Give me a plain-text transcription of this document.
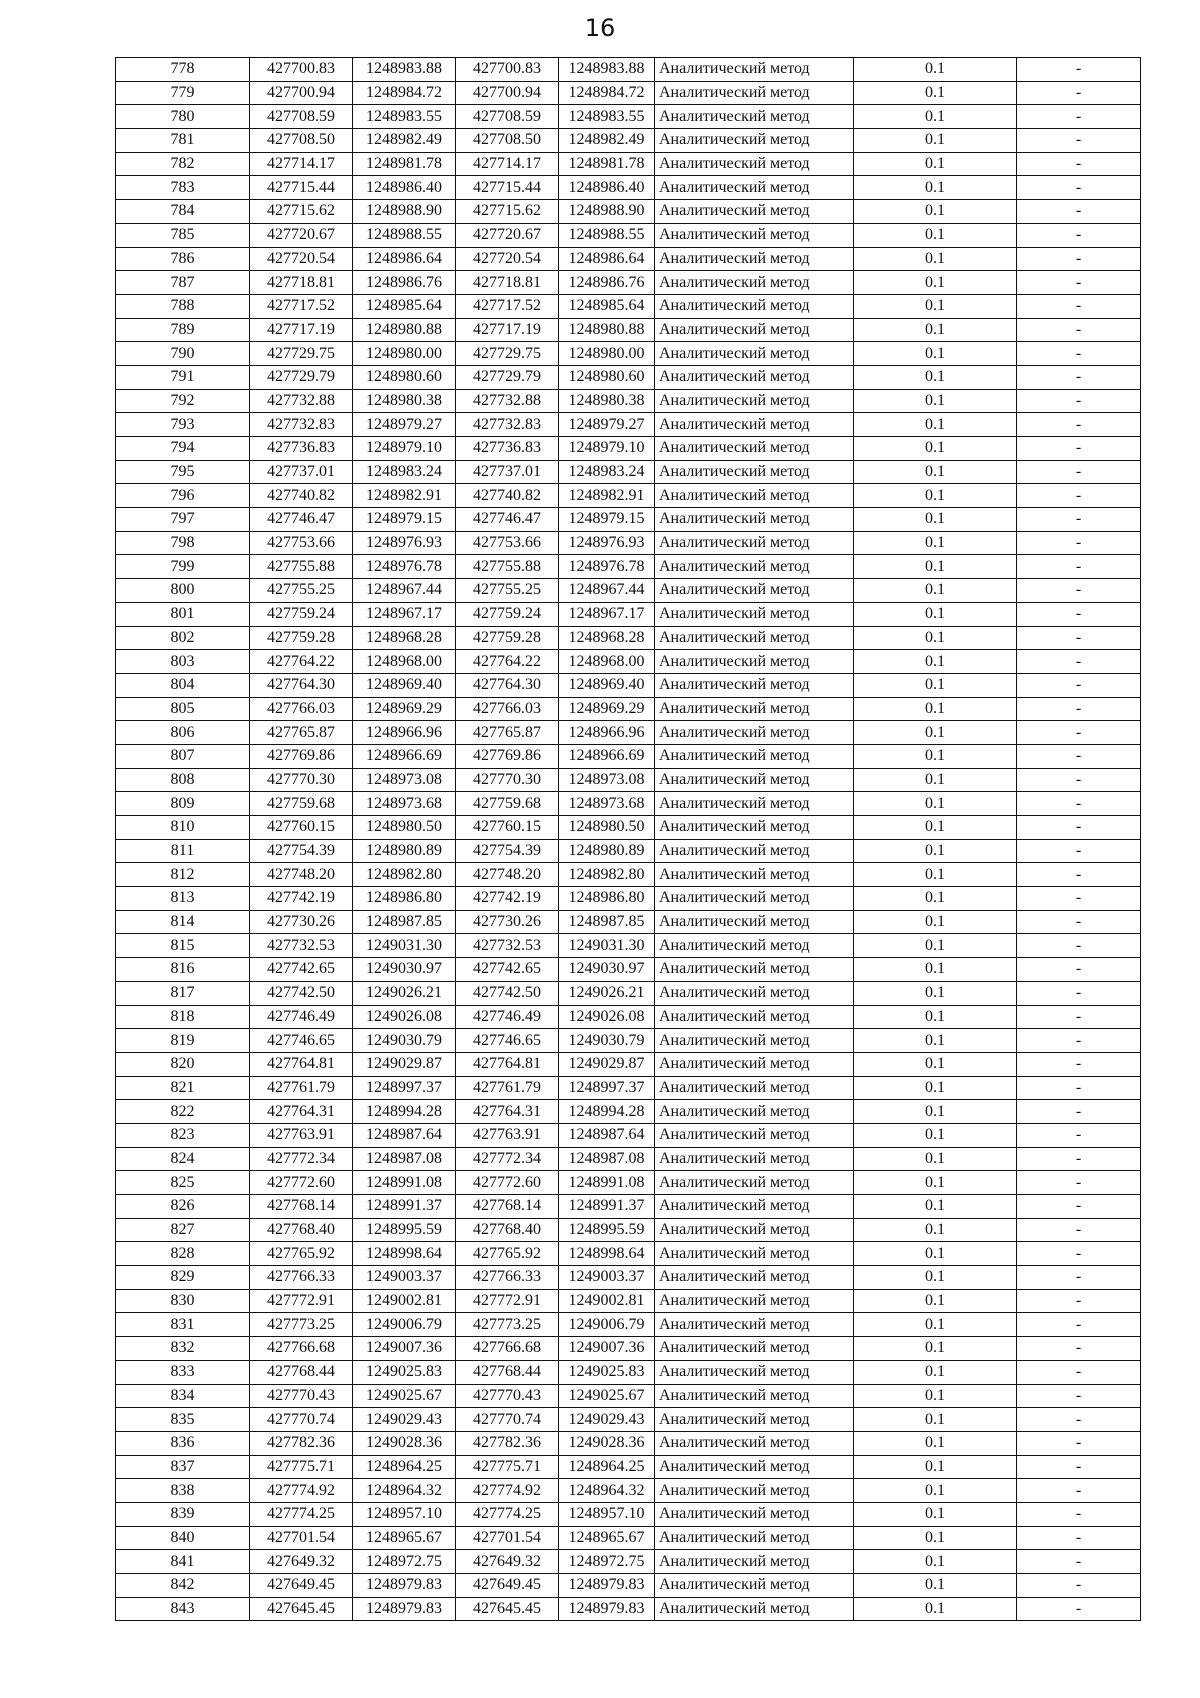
16
778	427700.83	1248983.88	427700.83	1248983.88	Аналитический метод	0.1	-
779	427700.94	1248984.72	427700.94	1248984.72	Аналитический метод	0.1	-
780	427708.59	1248983.55	427708.59	1248983.55	Аналитический метод	0.1	-
781	427708.50	1248982.49	427708.50	1248982.49	Аналитический метод	0.1	-
782	427714.17	1248981.78	427714.17	1248981.78	Аналитический метод	0.1	-
783	427715.44	1248986.40	427715.44	1248986.40	Аналитический метод	0.1	-
784	427715.62	1248988.90	427715.62	1248988.90	Аналитический метод	0.1	-
785	427720.67	1248988.55	427720.67	1248988.55	Аналитический метод	0.1	-
786	427720.54	1248986.64	427720.54	1248986.64	Аналитический метод	0.1	-
787	427718.81	1248986.76	427718.81	1248986.76	Аналитический метод	0.1	-
788	427717.52	1248985.64	427717.52	1248985.64	Аналитический метод	0.1	-
789	427717.19	1248980.88	427717.19	1248980.88	Аналитический метод	0.1	-
790	427729.75	1248980.00	427729.75	1248980.00	Аналитический метод	0.1	-
791	427729.79	1248980.60	427729.79	1248980.60	Аналитический метод	0.1	-
792	427732.88	1248980.38	427732.88	1248980.38	Аналитический метод	0.1	-
793	427732.83	1248979.27	427732.83	1248979.27	Аналитический метод	0.1	-
794	427736.83	1248979.10	427736.83	1248979.10	Аналитический метод	0.1	-
795	427737.01	1248983.24	427737.01	1248983.24	Аналитический метод	0.1	-
796	427740.82	1248982.91	427740.82	1248982.91	Аналитический метод	0.1	-
797	427746.47	1248979.15	427746.47	1248979.15	Аналитический метод	0.1	-
798	427753.66	1248976.93	427753.66	1248976.93	Аналитический метод	0.1	-
799	427755.88	1248976.78	427755.88	1248976.78	Аналитический метод	0.1	-
800	427755.25	1248967.44	427755.25	1248967.44	Аналитический метод	0.1	-
801	427759.24	1248967.17	427759.24	1248967.17	Аналитический метод	0.1	-
802	427759.28	1248968.28	427759.28	1248968.28	Аналитический метод	0.1	-
803	427764.22	1248968.00	427764.22	1248968.00	Аналитический метод	0.1	-
804	427764.30	1248969.40	427764.30	1248969.40	Аналитический метод	0.1	-
805	427766.03	1248969.29	427766.03	1248969.29	Аналитический метод	0.1	-
806	427765.87	1248966.96	427765.87	1248966.96	Аналитический метод	0.1	-
807	427769.86	1248966.69	427769.86	1248966.69	Аналитический метод	0.1	-
808	427770.30	1248973.08	427770.30	1248973.08	Аналитический метод	0.1	-
809	427759.68	1248973.68	427759.68	1248973.68	Аналитический метод	0.1	-
810	427760.15	1248980.50	427760.15	1248980.50	Аналитический метод	0.1	-
811	427754.39	1248980.89	427754.39	1248980.89	Аналитический метод	0.1	-
812	427748.20	1248982.80	427748.20	1248982.80	Аналитический метод	0.1	-
813	427742.19	1248986.80	427742.19	1248986.80	Аналитический метод	0.1	-
814	427730.26	1248987.85	427730.26	1248987.85	Аналитический метод	0.1	-
815	427732.53	1249031.30	427732.53	1249031.30	Аналитический метод	0.1	-
816	427742.65	1249030.97	427742.65	1249030.97	Аналитический метод	0.1	-
817	427742.50	1249026.21	427742.50	1249026.21	Аналитический метод	0.1	-
818	427746.49	1249026.08	427746.49	1249026.08	Аналитический метод	0.1	-
819	427746.65	1249030.79	427746.65	1249030.79	Аналитический метод	0.1	-
820	427764.81	1249029.87	427764.81	1249029.87	Аналитический метод	0.1	-
821	427761.79	1248997.37	427761.79	1248997.37	Аналитический метод	0.1	-
822	427764.31	1248994.28	427764.31	1248994.28	Аналитический метод	0.1	-
823	427763.91	1248987.64	427763.91	1248987.64	Аналитический метод	0.1	-
824	427772.34	1248987.08	427772.34	1248987.08	Аналитический метод	0.1	-
825	427772.60	1248991.08	427772.60	1248991.08	Аналитический метод	0.1	-
826	427768.14	1248991.37	427768.14	1248991.37	Аналитический метод	0.1	-
827	427768.40	1248995.59	427768.40	1248995.59	Аналитический метод	0.1	-
828	427765.92	1248998.64	427765.92	1248998.64	Аналитический метод	0.1	-
829	427766.33	1249003.37	427766.33	1249003.37	Аналитический метод	0.1	-
830	427772.91	1249002.81	427772.91	1249002.81	Аналитический метод	0.1	-
831	427773.25	1249006.79	427773.25	1249006.79	Аналитический метод	0.1	-
832	427766.68	1249007.36	427766.68	1249007.36	Аналитический метод	0.1	-
833	427768.44	1249025.83	427768.44	1249025.83	Аналитический метод	0.1	-
834	427770.43	1249025.67	427770.43	1249025.67	Аналитический метод	0.1	-
835	427770.74	1249029.43	427770.74	1249029.43	Аналитический метод	0.1	-
836	427782.36	1249028.36	427782.36	1249028.36	Аналитический метод	0.1	-
837	427775.71	1248964.25	427775.71	1248964.25	Аналитический метод	0.1	-
838	427774.92	1248964.32	427774.92	1248964.32	Аналитический метод	0.1	-
839	427774.25	1248957.10	427774.25	1248957.10	Аналитический метод	0.1	-
840	427701.54	1248965.67	427701.54	1248965.67	Аналитический метод	0.1	-
841	427649.32	1248972.75	427649.32	1248972.75	Аналитический метод	0.1	-
842	427649.45	1248979.83	427649.45	1248979.83	Аналитический метод	0.1	-
843	427645.45	1248979.83	427645.45	1248979.83	Аналитический метод	0.1	-
